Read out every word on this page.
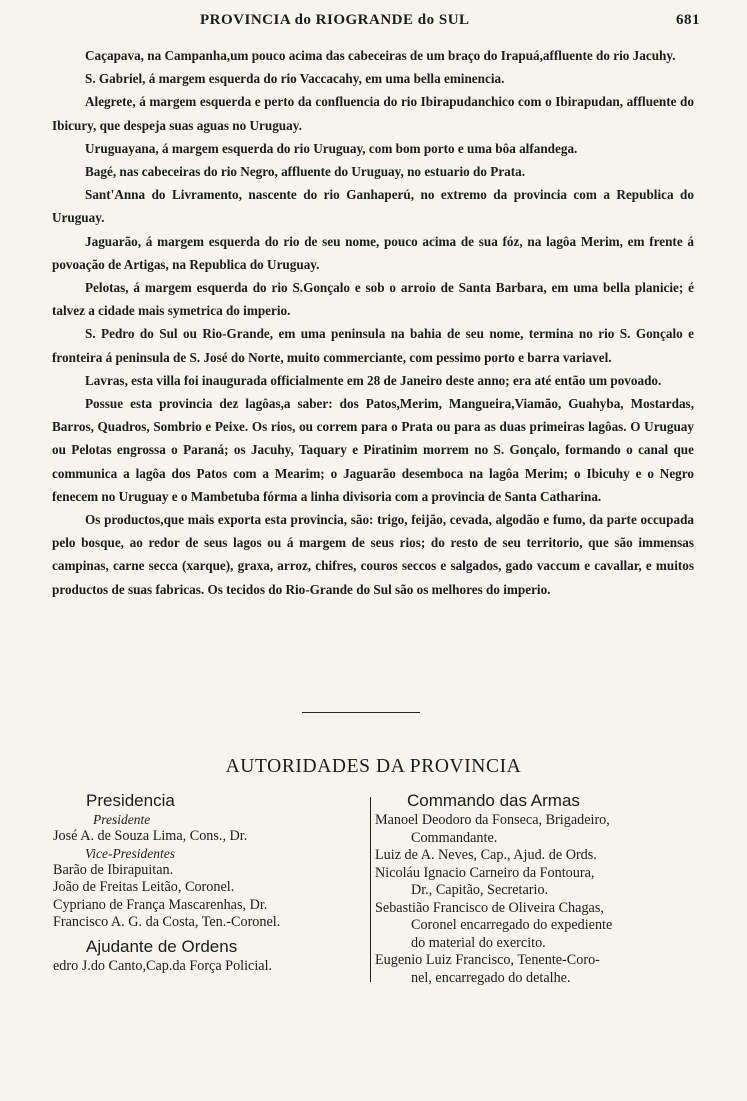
PROVINCIA do RIOGRANDE do SUL	681

Caçapava, na Campanha,um pouco acima das cabeceiras de um braço do Irapuá,affluente do rio Jacuhy.

S. Gabriel, á margem esquerda do rio Vaccacahy, em uma bella eminencia.

Alegrete, á margem esquerda e perto da confluencia do rio Ibirapudanchico com o Ibirapudan, affluente do Ibicury, que despeja suas aguas no Uruguay.

Uruguayana, á margem esquerda do rio Uruguay, com bom porto e uma bôa alfandega.

Bagé, nas cabeceiras do rio Negro, affluente do Uruguay, no estuario do Prata.

Sant'Anna do Livramento, nascente do rio Ganhaperú, no extremo da provincia com a Republica do Uruguay.

Jaguarão, á margem esquerda do rio de seu nome, pouco acima de sua fóz, na lagôa Merim, em frente á povoação de Artigas, na Republica do Uruguay.

Pelotas, á margem esquerda do rio S.Gonçalo e sob o arroio de Santa Barbara, em uma bella planicie; é talvez a cidade mais symetrica do imperio.

S. Pedro do Sul ou Rio-Grande, em uma peninsula na bahia de seu nome, termina no rio S. Gonçalo e fronteira á peninsula de S. José do Norte, muito commerciante, com pessimo porto e barra variavel.

Lavras, esta villa foi inaugurada officialmente em 28 de Janeiro deste anno; era até então um povoado.

Possue esta provincia dez lagôas,a saber: dos Patos,Merim, Mangueira,Viamão, Guahyba, Mostardas, Barros, Quadros, Sombrio e Peixe. Os rios, ou correm para o Prata ou para as duas primeiras lagôas. O Uruguay ou Pelotas engrossa o Paraná; os Jacuhy, Taquary e Piratinim morrem no S. Gonçalo, formando o canal que communica a lagôa dos Patos com a Mearim; o Jaguarão desemboca na lagôa Merim; o Ibicuhy e o Negro fenecem no Uruguay e o Mambetuba fórma a linha divisoria com a provincia de Santa Catharina.

Os productos,que mais exporta esta provincia, são: trigo, feijão, cevada, algodão e fumo, da parte occupada pelo bosque, ao redor de seus lagos ou á margem de seus rios; do resto de seu territorio, que são immensas campinas, carne secca (xarque), graxa, arroz, chifres, couros seccos e salgados, gado vaccum e cavallar, e muitos productos de suas fabricas. Os tecidos do Rio-Grande do Sul são os melhores do imperio.

AUTORIDADES DA PROVINCIA
Presidencia
Presidente
José A. de Souza Lima, Cons., Dr.
Vice-Presidentes
Barão de Ibirapuitan.
João de Freitas Leitão, Coronel.
Cypriano de França Mascarenhas, Dr.
Francisco A. G. da Costa, Ten.-Coronel.
Ajudante de Ordens
edro J.do Canto,Cap.da Força Policial.
Commando das Armas
Manoel Deodoro da Fonseca, Brigadeiro,
Commandante.
Luiz de A. Neves, Cap., Ajud. de Ords.
Nicoláu Ignacio Carneiro da Fontoura,
Dr., Capitão, Secretario.
Sebastião Francisco de Oliveira Chagas,
Coronel encarregado do expediente
do material do exercito.
Eugenio Luiz Francisco, Tenente-Coro-
nel, encarregado do detalhe.
